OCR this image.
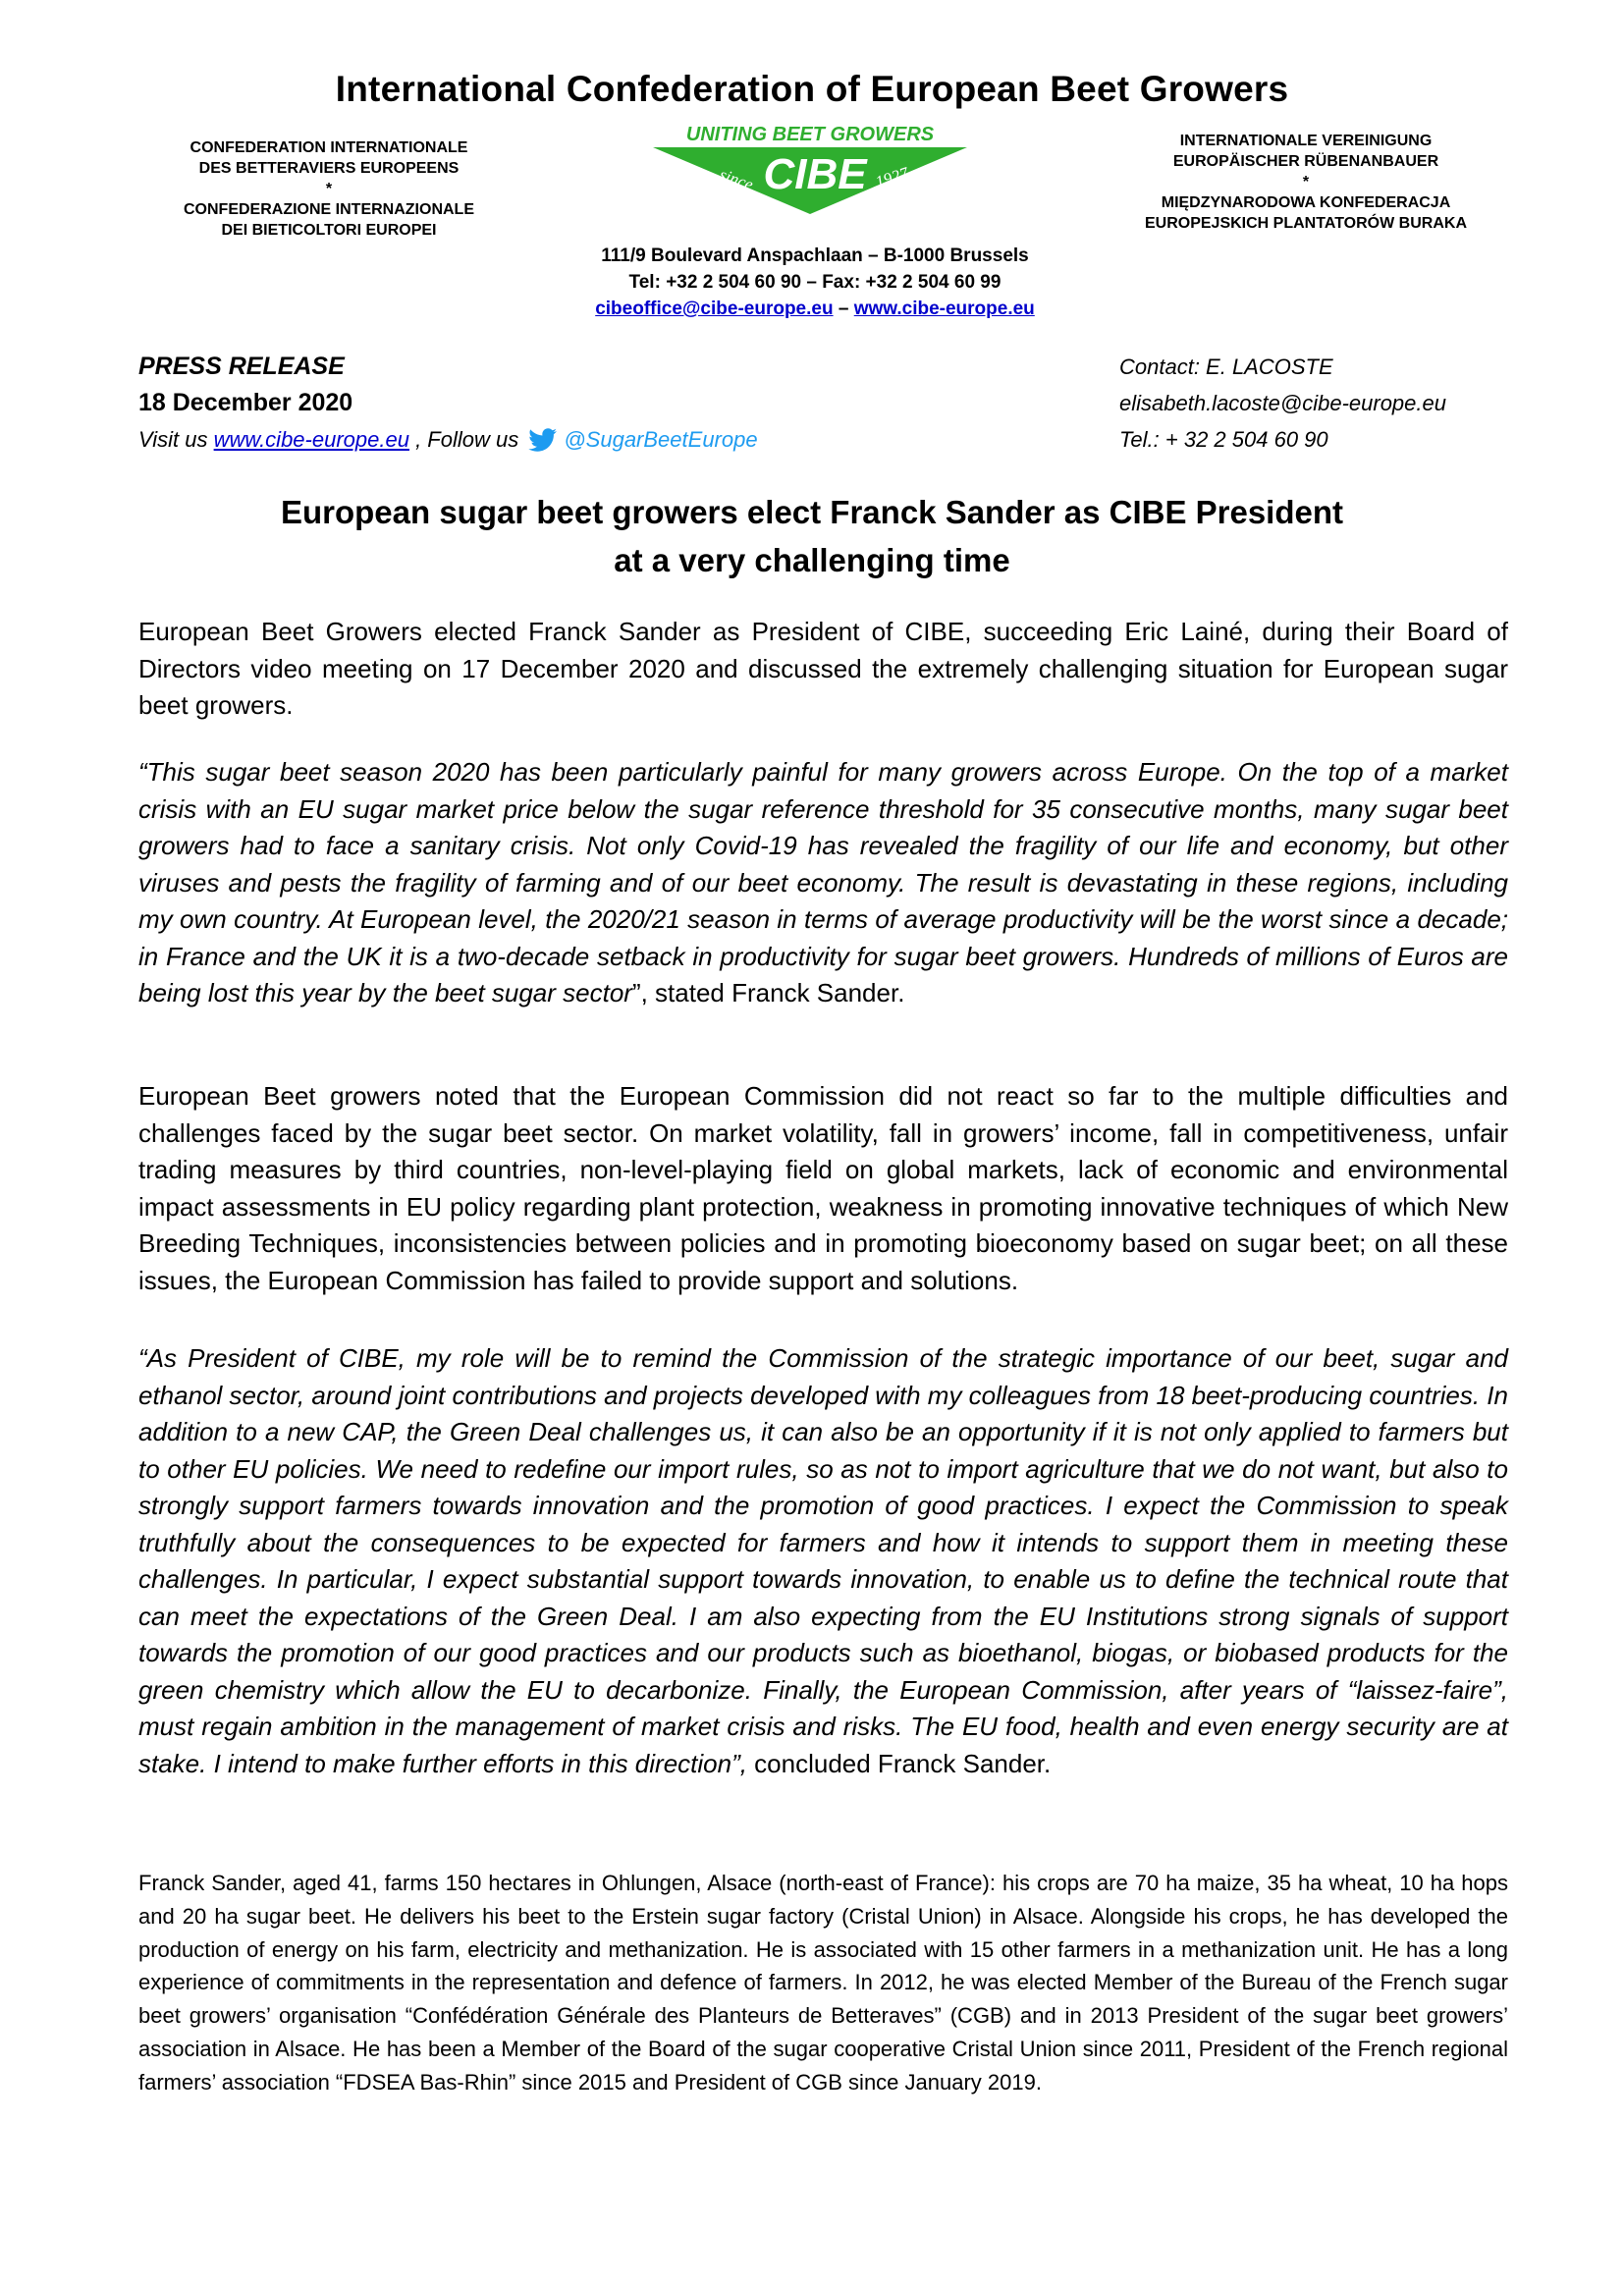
International Confederation of European Beet Growers
CONFEDERATION INTERNATIONALE
DES BETTERAVIERS EUROPEENS
*
CONFEDERAZIONE INTERNAZIONALE
DEI BIETICOLTORI EUROPEI
UNITING BEET GROWERS
CIBE
since	1927
INTERNATIONALE VEREINIGUNG
EUROPÄISCHER RÜBENANBAUER
*
MIĘDZYNARODOWA KONFEDERACJA
EUROPEJSKICH PLANTATORÓW BURAKA
111/9 Boulevard Anspachlaan – B-1000 Brussels
Tel: +32 2 504 60 90 – Fax: +32 2 504 60 99
cibeoffice@cibe-europe.eu – www.cibe-europe.eu
PRESS RELEASE
18 December 2020
Visit us www.cibe-europe.eu , Follow us @SugarBeetEurope
Contact: E. LACOSTE
elisabeth.lacoste@cibe-europe.eu
Tel.: + 32 2 504 60 90
European sugar beet growers elect Franck Sander as CIBE President
at a very challenging time
European Beet Growers elected Franck Sander as President of CIBE, succeeding Eric Lainé, during their Board of Directors video meeting on 17 December 2020 and discussed the extremely challenging situation for European sugar beet growers.
“This sugar beet season 2020 has been particularly painful for many growers across Europe. On the top of a market crisis with an EU sugar market price below the sugar reference threshold for 35 consecutive months, many sugar beet growers had to face a sanitary crisis. Not only Covid-19 has revealed the fragility of our life and economy, but other viruses and pests the fragility of farming and of our beet economy. The result is devastating in these regions, including my own country. At European level, the 2020/21 season in terms of average productivity will be the worst since a decade; in France and the UK it is a two-decade setback in productivity for sugar beet growers. Hundreds of millions of Euros are being lost this year by the beet sugar sector”, stated Franck Sander.
European Beet growers noted that the European Commission did not react so far to the multiple difficulties and challenges faced by the sugar beet sector. On market volatility, fall in growers’ income, fall in competitiveness, unfair trading measures by third countries, non-level-playing field on global markets, lack of economic and environmental impact assessments in EU policy regarding plant protection, weakness in promoting innovative techniques of which New Breeding Techniques, inconsistencies between policies and in promoting bioeconomy based on sugar beet; on all these issues, the European Commission has failed to provide support and solutions.
“As President of CIBE, my role will be to remind the Commission of the strategic importance of our beet, sugar and ethanol sector, around joint contributions and projects developed with my colleagues from 18 beet-producing countries. In addition to a new CAP, the Green Deal challenges us, it can also be an opportunity if it is not only applied to farmers but to other EU policies. We need to redefine our import rules, so as not to import agriculture that we do not want, but also to strongly support farmers towards innovation and the promotion of good practices. I expect the Commission to speak truthfully about the consequences to be expected for farmers and how it intends to support them in meeting these challenges. In particular, I expect substantial support towards innovation, to enable us to define the technical route that can meet the expectations of the Green Deal. I am also expecting from the EU Institutions strong signals of support towards the promotion of our good practices and our products such as bioethanol, biogas, or biobased products for the green chemistry which allow the EU to decarbonize. Finally, the European Commission, after years of “laissez-faire”, must regain ambition in the management of market crisis and risks. The EU food, health and even energy security are at stake. I intend to make further efforts in this direction”, concluded Franck Sander.
Franck Sander, aged 41, farms 150 hectares in Ohlungen, Alsace (north-east of France): his crops are 70 ha maize, 35 ha wheat, 10 ha hops and 20 ha sugar beet. He delivers his beet to the Erstein sugar factory (Cristal Union) in Alsace. Alongside his crops, he has developed the production of energy on his farm, electricity and methanization. He is associated with 15 other farmers in a methanization unit. He has a long experience of commitments in the representation and defence of farmers. In 2012, he was elected Member of the Bureau of the French sugar beet growers’ organisation “Confédération Générale des Planteurs de Betteraves” (CGB) and in 2013 President of the sugar beet growers’ association in Alsace. He has been a Member of the Board of the sugar cooperative Cristal Union since 2011, President of the French regional farmers’ association “FDSEA Bas-Rhin” since 2015 and President of CGB since January 2019.
